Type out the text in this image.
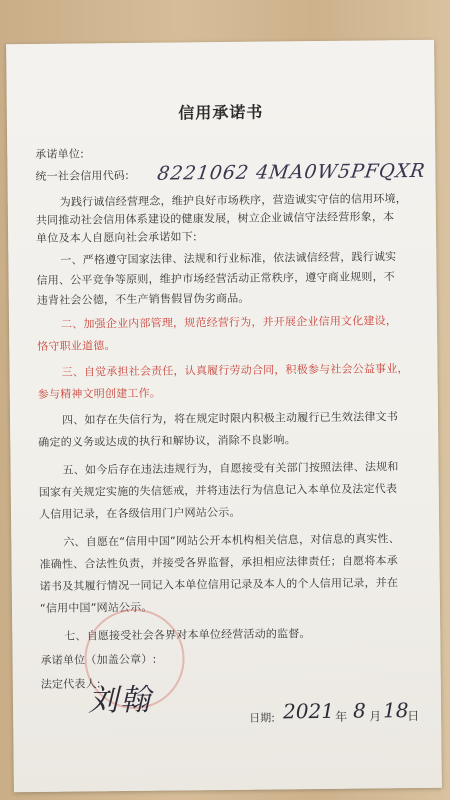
信用承诺书
承诺单位:
统一社会信用代码: 8221062 4MA0W5PFQXR
为践行诚信经营理念，维护良好市场秩序，营造诚实守信的信用环境，
共同推动社会信用体系建设的健康发展，树立企业诚信守法经营形象，本
单位及本人自愿向社会承诺如下:
一、严格遵守国家法律、法规和行业标准，依法诚信经营，践行诚实
信用、公平竞争等原则，维护市场经营活动正常秩序，遵守商业规则，不
违背社会公德，不生产销售假冒伪劣商品。
二、加强企业内部管理，规范经营行为，并开展企业信用文化建设，
恪守职业道德。
三、自觉承担社会责任，认真履行劳动合同，积极参与社会公益事业，
参与精神文明创建工作。
四、如存在失信行为，将在规定时限内积极主动履行已生效法律文书
确定的义务或达成的执行和解协议，消除不良影响。
五、如今后存在违法违规行为，自愿接受有关部门按照法律、法规和
国家有关规定实施的失信惩戒，并将违法行为信息记入本单位及法定代表
人信用记录，在各级信用门户网站公示。
六、自愿在“信用中国”网站公开本机构相关信息，对信息的真实性、
准确性、合法性负责，并接受各界监督，承担相应法律责任；自愿将本承
诺书及其履行情况一同记入本单位信用记录及本人的个人信用记录，并在
“信用中国”网站公示。
七、自愿接受社会各界对本单位经营活动的监督。
承诺单位（加盖公章）:
法定代表人:
刘翰	日期: 2021 年 8 月 18
日
